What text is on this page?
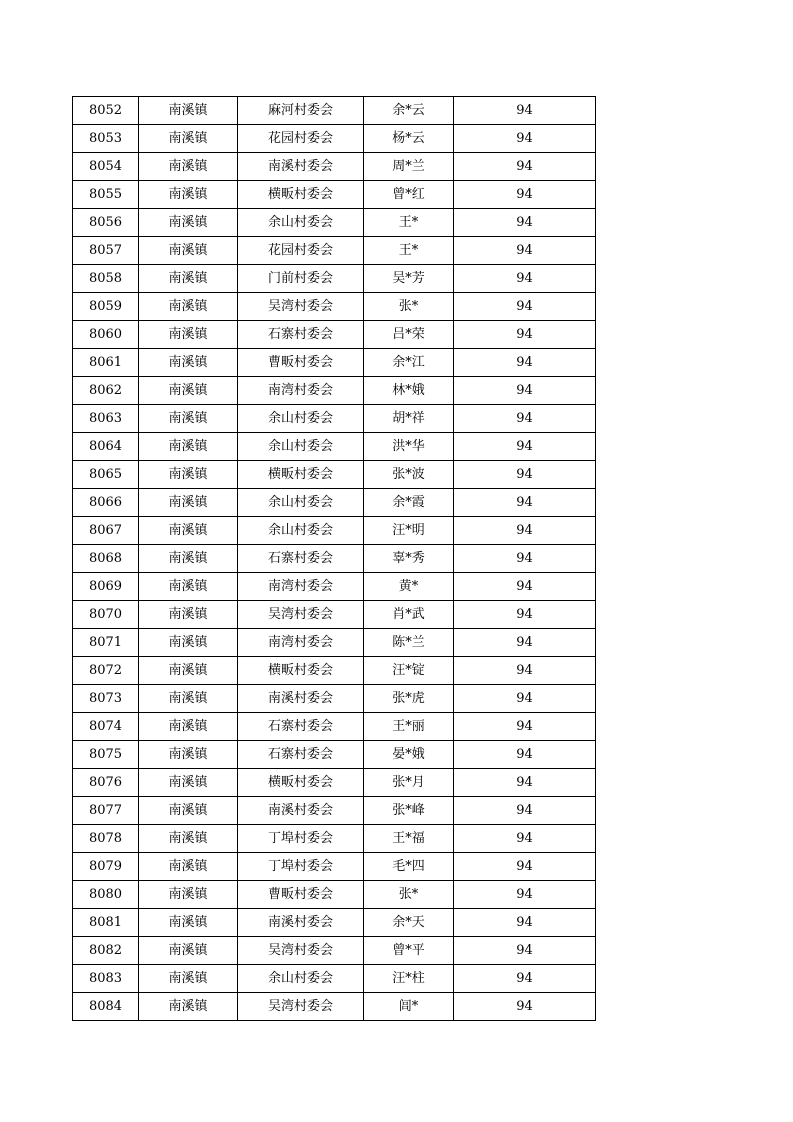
8052	南溪镇	麻河村委会	余*云	94
8053	南溪镇	花园村委会	杨*云	94
8054	南溪镇	南溪村委会	周*兰	94
8055	南溪镇	横畈村委会	曾*红	94
8056	南溪镇	余山村委会	王*	94
8057	南溪镇	花园村委会	王*	94
8058	南溪镇	门前村委会	吴*芳	94
8059	南溪镇	吴湾村委会	张*	94
8060	南溪镇	石寨村委会	吕*荣	94
8061	南溪镇	曹畈村委会	余*江	94
8062	南溪镇	南湾村委会	林*娥	94
8063	南溪镇	余山村委会	胡*祥	94
8064	南溪镇	余山村委会	洪*华	94
8065	南溪镇	横畈村委会	张*波	94
8066	南溪镇	余山村委会	余*霞	94
8067	南溪镇	余山村委会	汪*明	94
8068	南溪镇	石寨村委会	辜*秀	94
8069	南溪镇	南湾村委会	黄*	94
8070	南溪镇	吴湾村委会	肖*武	94
8071	南溪镇	南湾村委会	陈*兰	94
8072	南溪镇	横畈村委会	汪*锭	94
8073	南溪镇	南溪村委会	张*虎	94
8074	南溪镇	石寨村委会	王*丽	94
8075	南溪镇	石寨村委会	晏*娥	94
8076	南溪镇	横畈村委会	张*月	94
8077	南溪镇	南溪村委会	张*峰	94
8078	南溪镇	丁埠村委会	王*福	94
8079	南溪镇	丁埠村委会	毛*四	94
8080	南溪镇	曹畈村委会	张*	94
8081	南溪镇	南溪村委会	余*天	94
8082	南溪镇	吴湾村委会	曾*平	94
8083	南溪镇	余山村委会	汪*柱	94
8084	南溪镇	吴湾村委会	闾*	94
